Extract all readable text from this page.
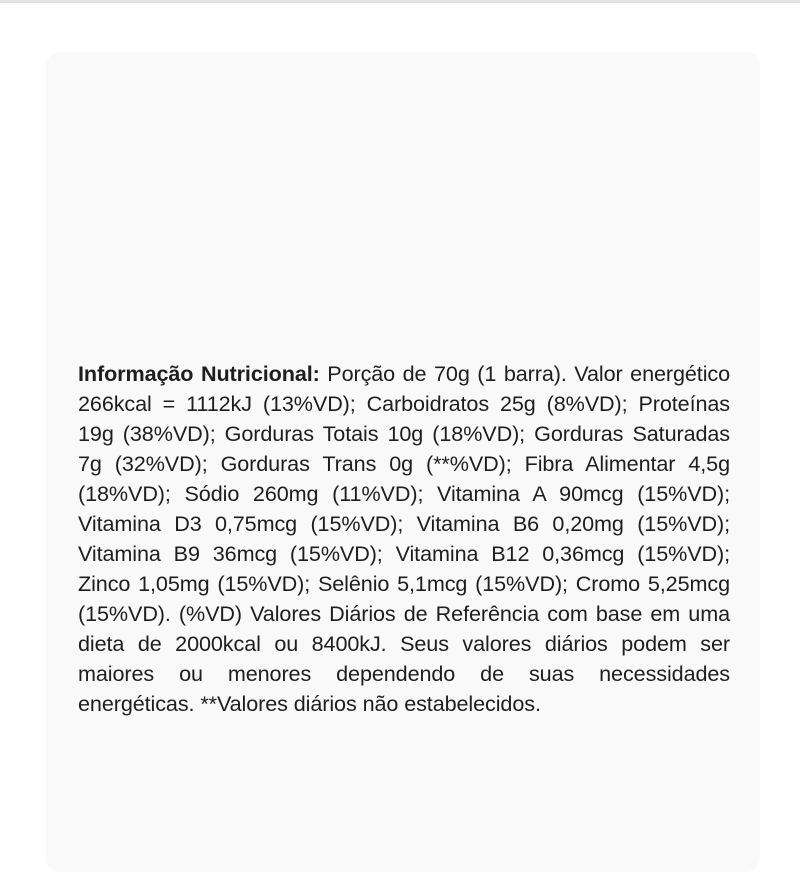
Informação Nutricional: Porção de 70g (1 barra). Valor energético 266kcal = 1112kJ (13%VD); Carboidratos 25g (8%VD); Proteínas 19g (38%VD); Gorduras Totais 10g (18%VD); Gorduras Saturadas 7g (32%VD); Gorduras Trans 0g (**%VD); Fibra Alimentar 4,5g (18%VD); Sódio 260mg (11%VD); Vitamina A 90mcg (15%VD); Vitamina D3 0,75mcg (15%VD); Vitamina B6 0,20mg (15%VD); Vitamina B9 36mcg (15%VD); Vitamina B12 0,36mcg (15%VD); Zinco 1,05mg (15%VD); Selênio 5,1mcg (15%VD); Cromo 5,25mcg (15%VD). (%VD) Valores Diários de Referência com base em uma dieta de 2000kcal ou 8400kJ. Seus valores diários podem ser maiores ou menores dependendo de suas necessidades energéticas. **Valores diários não estabelecidos.
